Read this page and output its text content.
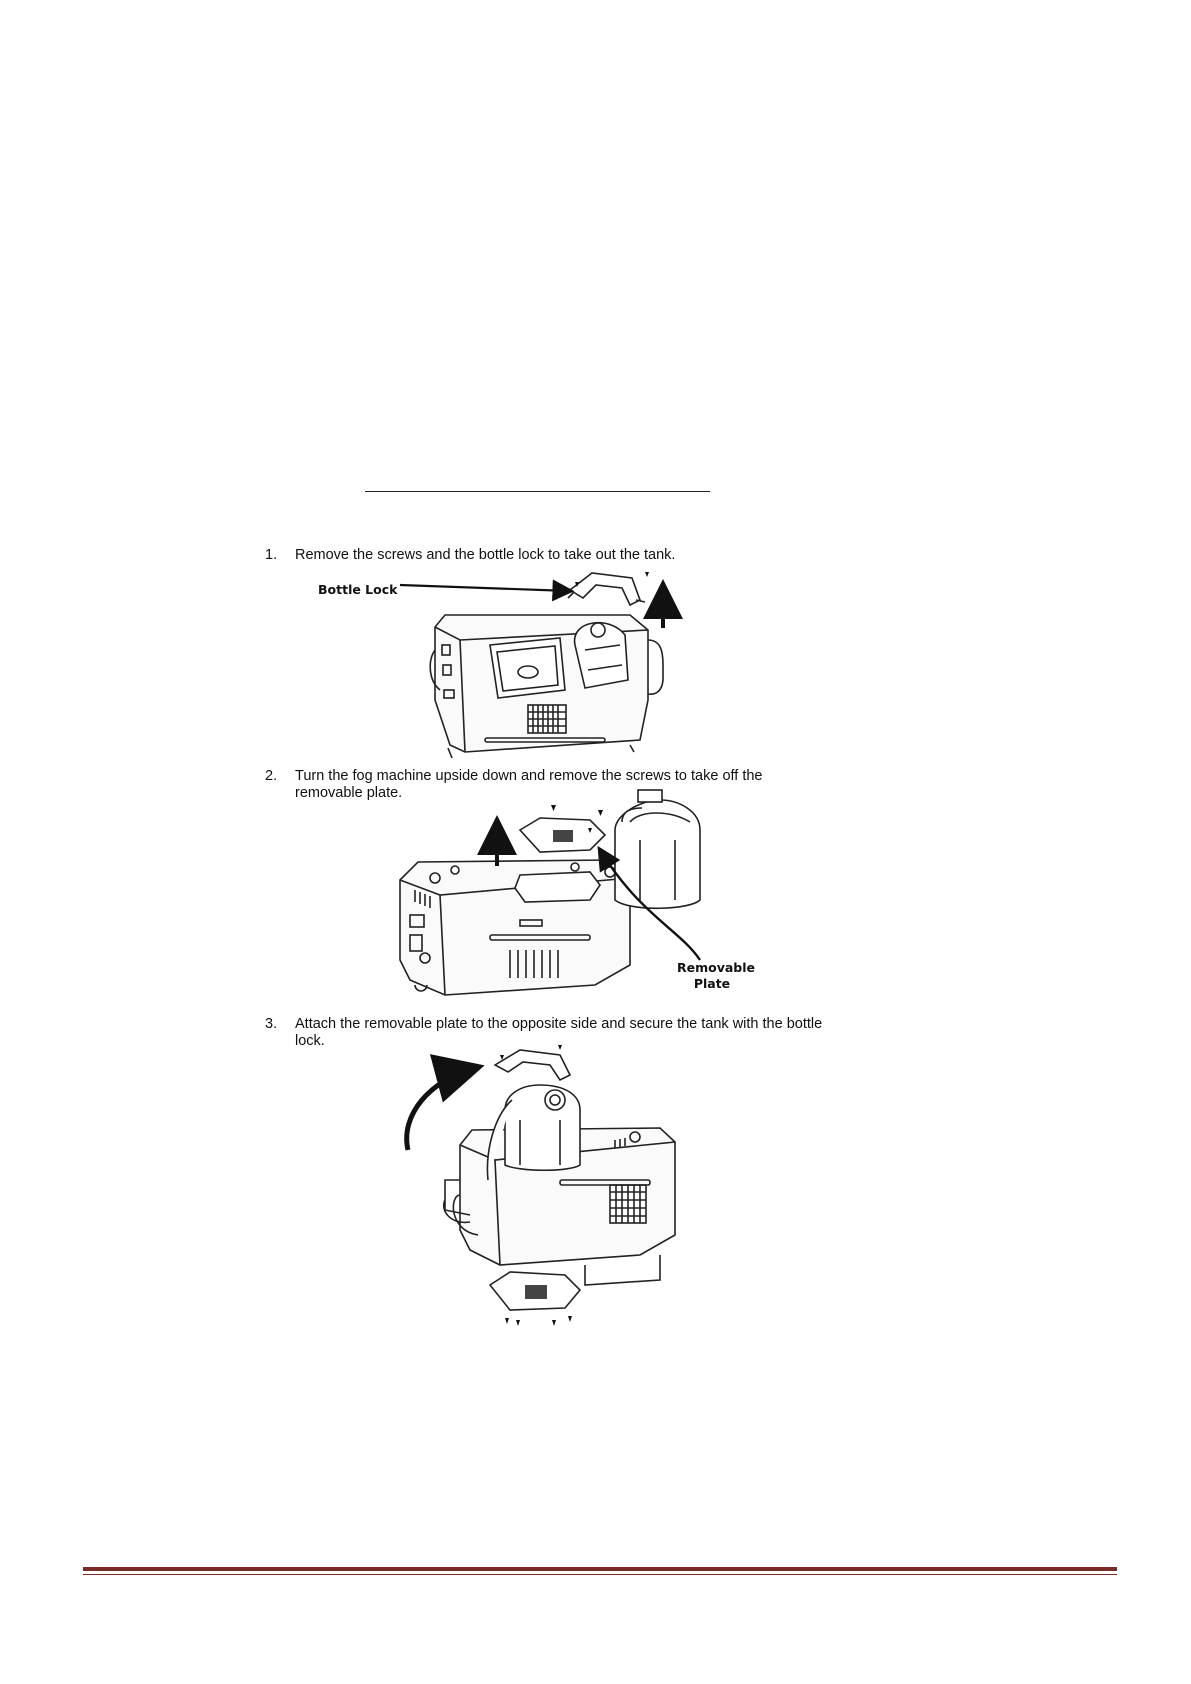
1. Remove the screws and the bottle lock to take out the tank.
2. Turn the fog machine upside down and remove the screws to take off the removable plate.
3. Attach the removable plate to the opposite side and secure the tank with the bottle lock.
Bottle Lock
Removable Plate
